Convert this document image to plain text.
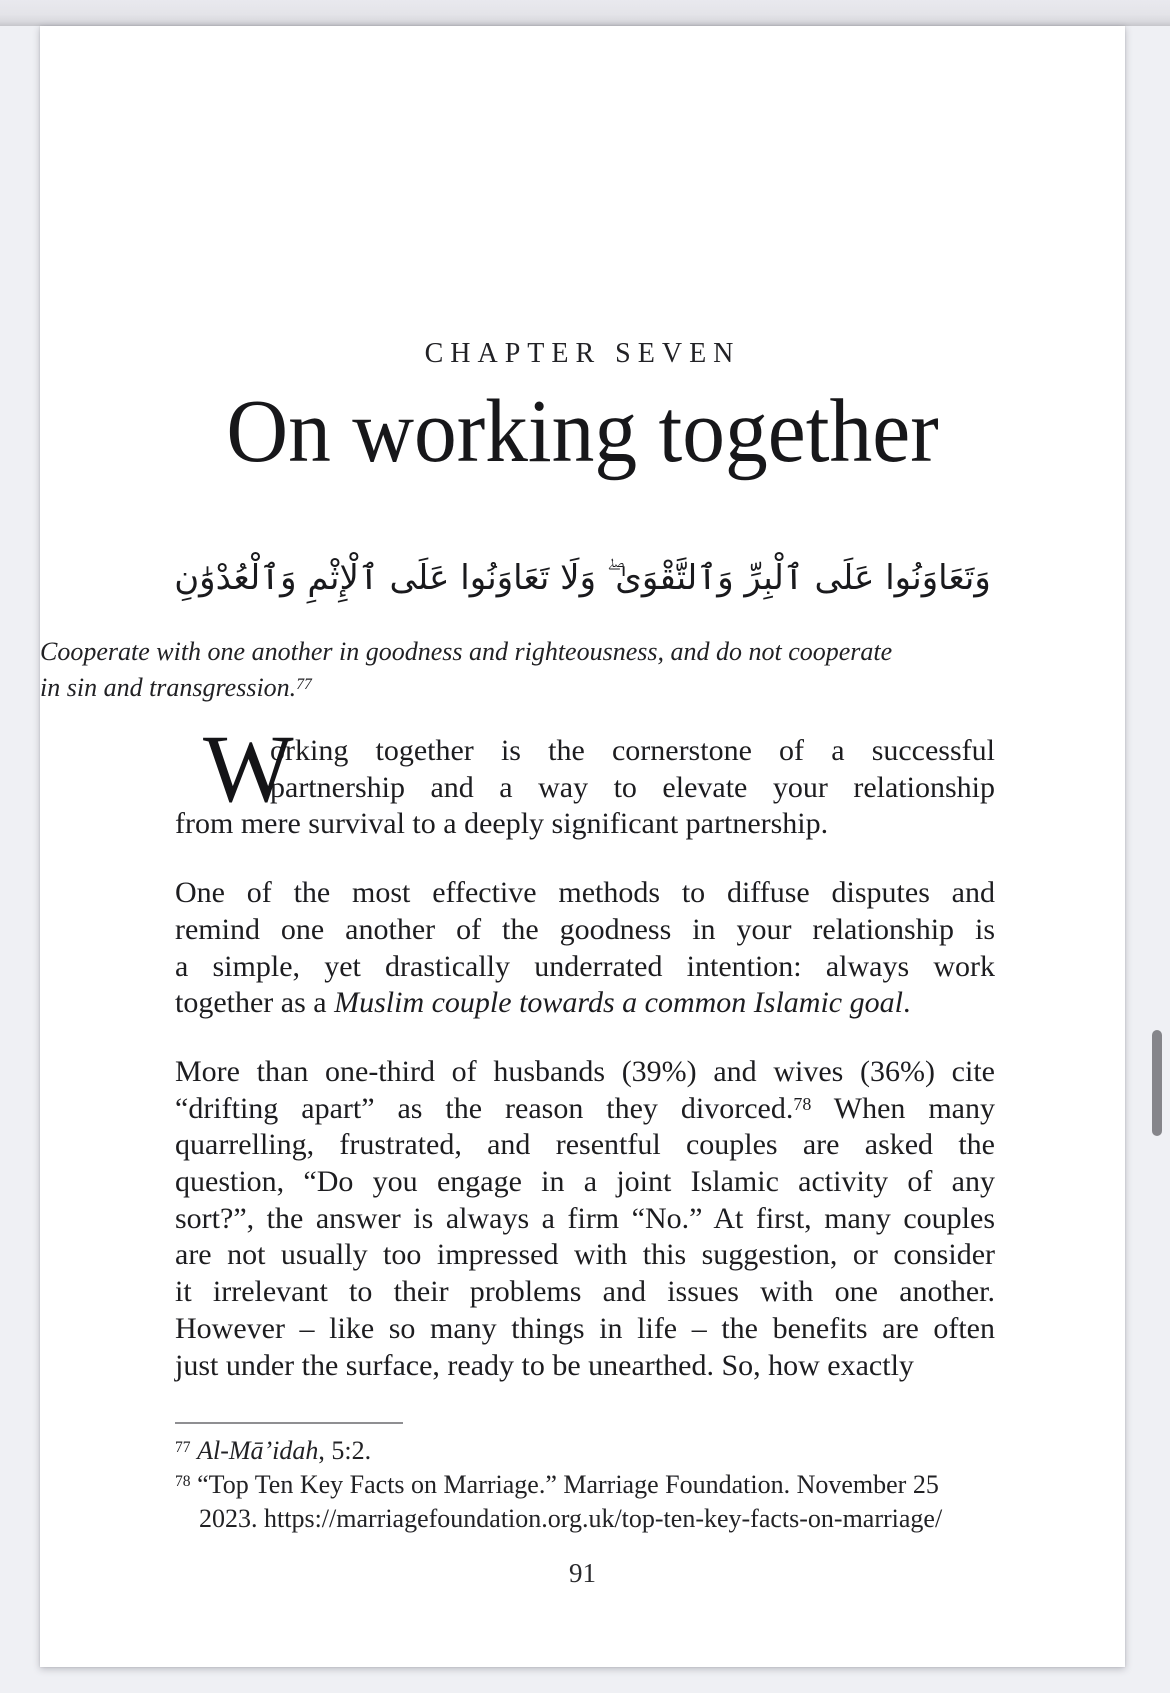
CHAPTER SEVEN
On working together
وَتَعَاوَنُوا عَلَى ٱلْبِرِّ وَٱلتَّقْوَىٰ ۖ وَلَا تَعَاوَنُوا عَلَى ٱلْإِثْمِ وَٱلْعُدْوَٰنِ
Cooperate with one another in goodness and righteousness, and do not cooperate
in sin and transgression.$^{77}$
W
orking together is the cornerstone of a successful
partnership and a way to elevate your relationship
from mere survival to a deeply significant partnership.
One of the most effective methods to diffuse disputes and
remind one another of the goodness in your relationship is
a simple, yet drastically underrated intention: always work
together as a Muslim couple towards a common Islamic goal.
More than one-third of husbands (39%) and wives (36%) cite
“drifting apart” as the reason they divorced.$^{78}$ When many
quarrelling, frustrated, and resentful couples are asked the
question, “Do you engage in a joint Islamic activity of any
sort?”, the answer is always a firm “No.” At first, many couples
are not usually too impressed with this suggestion, or consider
it irrelevant to their problems and issues with one another.
However – like so many things in life – the benefits are often
just under the surface, ready to be unearthed. So, how exactly
$^{77}$ Al-Mā’idah, 5:2.
$^{78}$ “Top Ten Key Facts on Marriage.” Marriage Foundation. November 25
2023. https://marriagefoundation.org.uk/top-ten-key-facts-on-marriage/
91
